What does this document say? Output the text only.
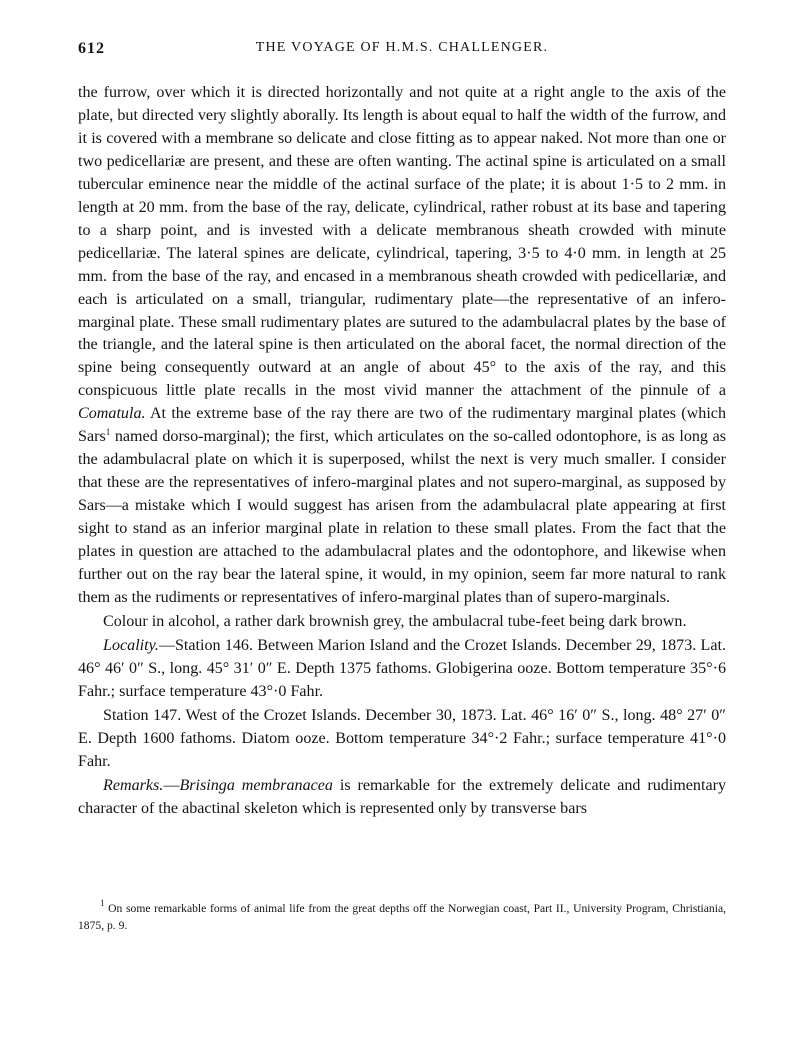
612	THE VOYAGE OF H.M.S. CHALLENGER.

the furrow, over which it is directed horizontally and not quite at a right angle to the axis of the plate, but directed very slightly aborally. Its length is about equal to half the width of the furrow, and it is covered with a membrane so delicate and close fitting as to appear naked. Not more than one or two pedicellariæ are present, and these are often wanting. The actinal spine is articulated on a small tubercular eminence near the middle of the actinal surface of the plate; it is about 1·5 to 2 mm. in length at 20 mm. from the base of the ray, delicate, cylindrical, rather robust at its base and tapering to a sharp point, and is invested with a delicate membranous sheath crowded with minute pedicellariæ. The lateral spines are delicate, cylindrical, tapering, 3·5 to 4·0 mm. in length at 25 mm. from the base of the ray, and encased in a membranous sheath crowded with pedicellariæ, and each is articulated on a small, triangular, rudimentary plate—the representative of an infero-marginal plate. These small rudimentary plates are sutured to the adambulacral plates by the base of the triangle, and the lateral spine is then articulated on the aboral facet, the normal direction of the spine being consequently outward at an angle of about 45° to the axis of the ray, and this conspicuous little plate recalls in the most vivid manner the attachment of the pinnule of a Comatula. At the extreme base of the ray there are two of the rudimentary marginal plates (which Sars$^1$ named dorso-marginal); the first, which articulates on the so-called odontophore, is as long as the adambulacral plate on which it is superposed, whilst the next is very much smaller. I consider that these are the representatives of infero-marginal plates and not supero-marginal, as supposed by Sars—a mistake which I would suggest has arisen from the adambulacral plate appearing at first sight to stand as an inferior marginal plate in relation to these small plates. From the fact that the plates in question are attached to the adambulacral plates and the odontophore, and likewise when further out on the ray bear the lateral spine, it would, in my opinion, seem far more natural to rank them as the rudiments or representatives of infero-marginal plates than of supero-marginals.

Colour in alcohol, a rather dark brownish grey, the ambulacral tube-feet being dark brown.

Locality.—Station 146. Between Marion Island and the Crozet Islands. December 29, 1873. Lat. 46° 46′ 0″ S., long. 45° 31′ 0″ E. Depth 1375 fathoms. Globigerina ooze. Bottom temperature 35°·6 Fahr.; surface temperature 43°·0 Fahr.

Station 147. West of the Crozet Islands. December 30, 1873. Lat. 46° 16′ 0″ S., long. 48° 27′ 0″ E. Depth 1600 fathoms. Diatom ooze. Bottom temperature 34°·2 Fahr.; surface temperature 41°·0 Fahr.

Remarks.—Brisinga membranacea is remarkable for the extremely delicate and rudimentary character of the abactinal skeleton which is represented only by transverse bars

$^1$ On some remarkable forms of animal life from the great depths off the Norwegian coast, Part II., University Program, Christiania, 1875, p. 9.
